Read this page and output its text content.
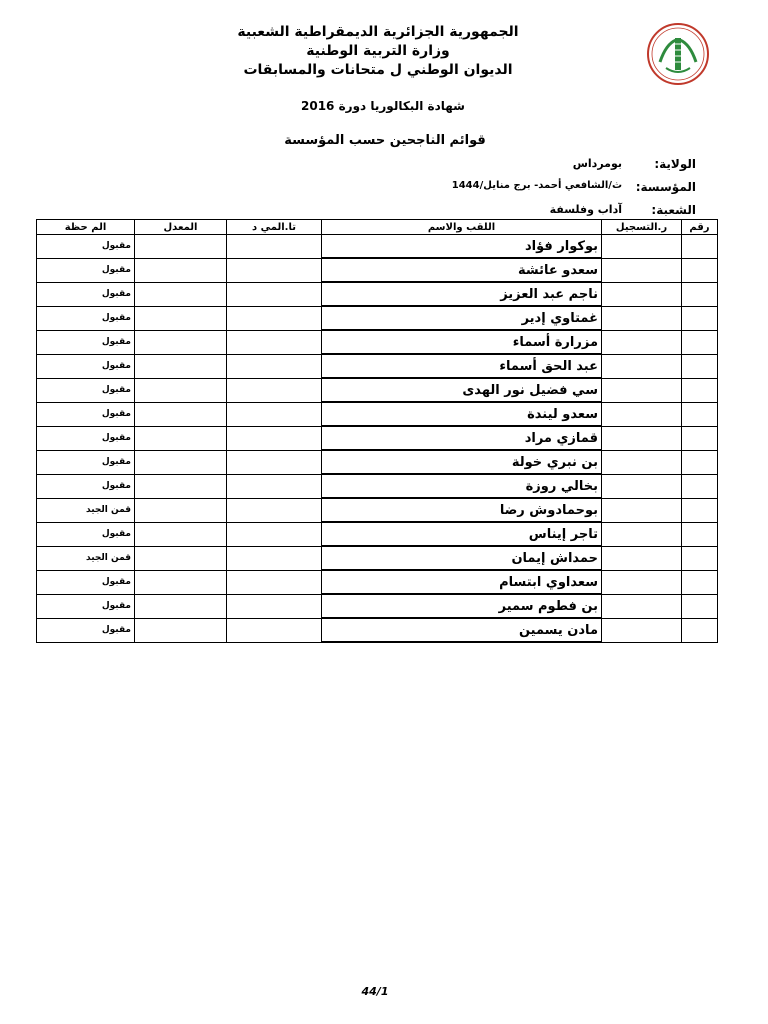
الجمهورية الجزائرية الديمقراطية الشعبية
وزارة التربية الوطنية
الديوان الوطني ل متحانات والمسابقات
شهادة البكالوريا دورة 2016
قوائم الناجحين حسب المؤسسة
الولاية:
بومرداس
المؤسسة:
ث/الشافعي أحمد- برج منايل/1444
الشعبة:
آداب وفلسفة
رقم	ر.التسجيل	اللقب والاسم	تا.المي د	المعدل	الم حظة
		بوكوار فؤاد			مقبول
		سعدو عائشة			مقبول
		ناجم عبد العزيز			مقبول
		غمتاوي إدير			مقبول
		مزرارة أسماء			مقبول
		عبد الحق أسماء			مقبول
		سي فضيل نور الهدى			مقبول
		سعدو ليندة			مقبول
		قمازي مراد			مقبول
		بن نبري خولة			مقبول
		بخالي روزة			مقبول
		بوحمادوش رضا			قمن الجيد
		تاجر إيناس			مقبول
		حمداش إيمان			قمن الجيد
		سعداوي ابتسام			مقبول
		بن فطوم سمير			مقبول
		مادن يسمين			مقبول
44/1
